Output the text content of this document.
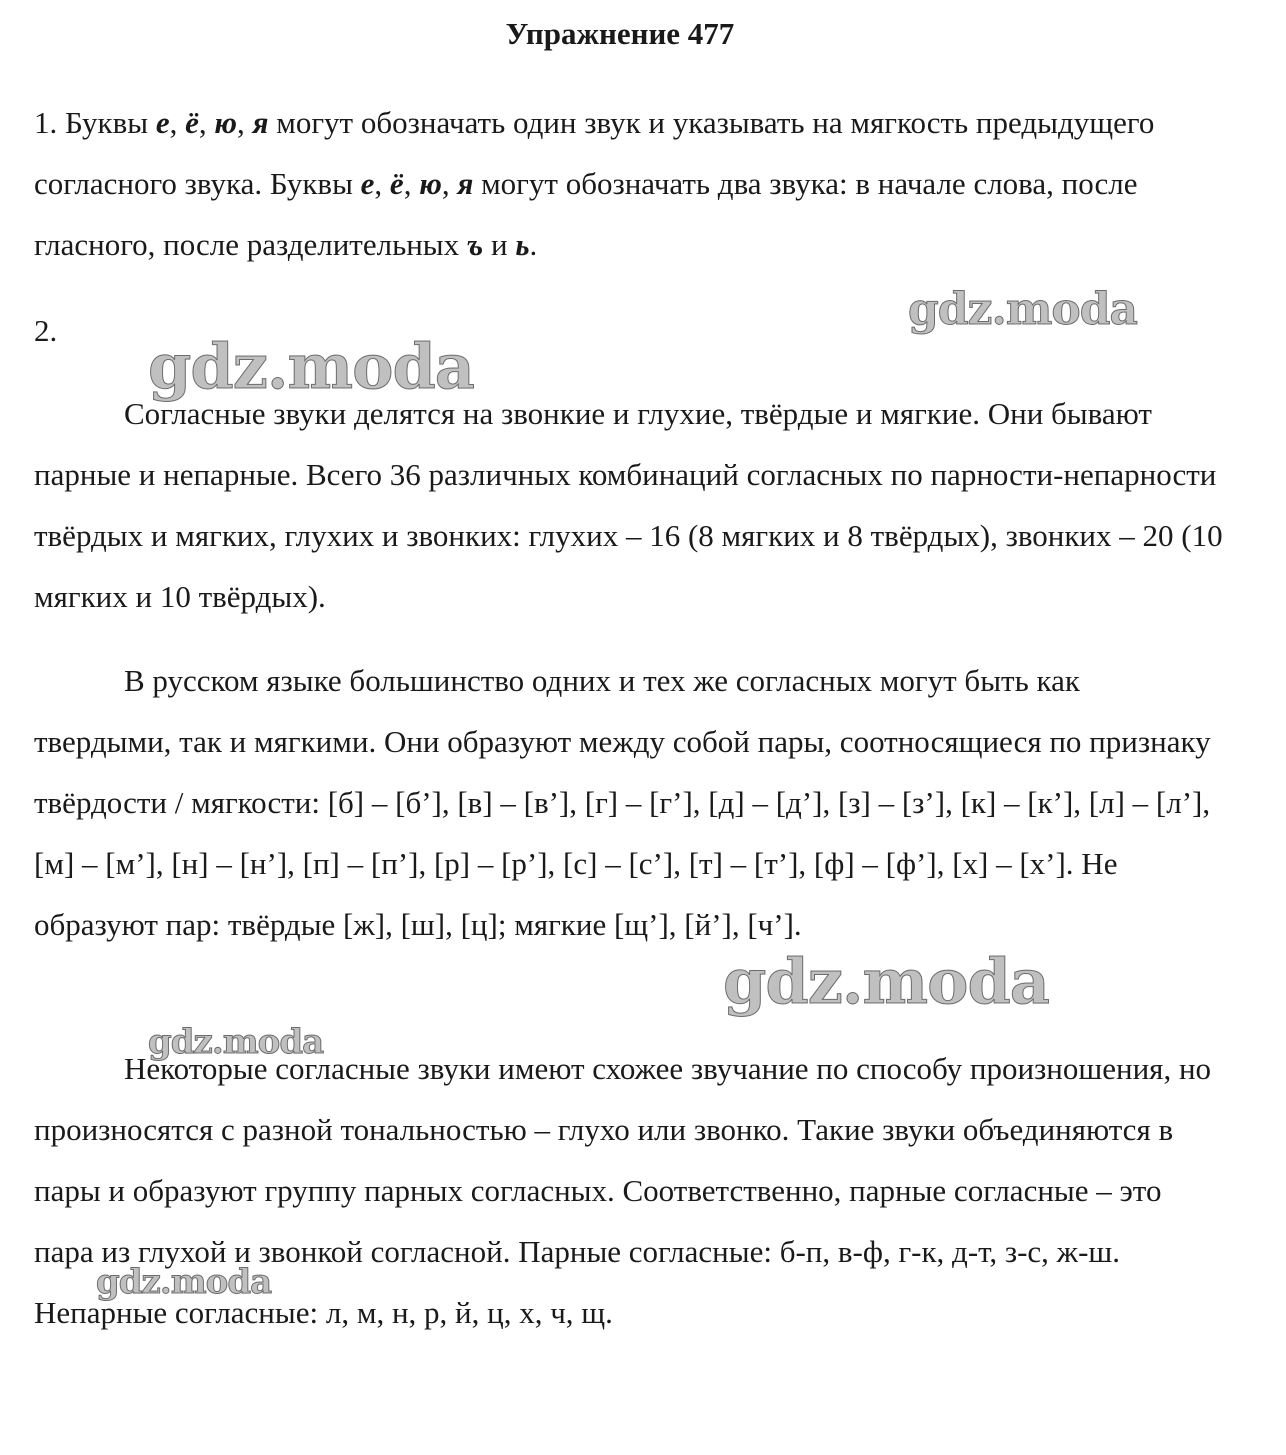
Упражнение 477

1. Буквы е, ё, ю, я могут обозначать один звук и указывать на мягкость предыдущего согласного звука. Буквы е, ё, ю, я могут обозначать два звука: в начале слова, после гласного, после разделительных ъ и ь.

2.

Согласные звуки делятся на звонкие и глухие, твёрдые и мягкие. Они бывают парные и непарные. Всего 36 различных комбинаций согласных по парности-непарности твёрдых и мягких, глухих и звонких: глухих – 16 (8 мягких и 8 твёрдых), звонких – 20 (10 мягких и 10 твёрдых).

В русском языке большинство одних и тех же согласных могут быть как твердыми, так и мягкими. Они образуют между собой пары, соотносящиеся по признаку твёрдости / мягкости: [б] – [б’], [в] – [в’], [г] – [г’], [д] – [д’], [з] – [з’], [к] – [к’], [л] – [л’], [м] – [м’], [н] – [н’], [п] – [п’], [р] – [р’], [с] – [с’], [т] – [т’], [ф] – [ф’], [х] – [х’]. Не образуют пар: твёрдые [ж], [ш], [ц]; мягкие [щ’], [й’], [ч’].

Некоторые согласные звуки имеют схожее звучание по способу произношения, но произносятся с разной тональностью – глухо или звонко. Такие звуки объединяются в пары и образуют группу парных согласных. Соответственно, парные согласные – это пара из глухой и звонкой согласной. Парные согласные: б-п, в-ф, г-к, д-т, з-с, ж-ш. Непарные согласные: л, м, н, р, й, ц, х, ч, щ.

gdz.moda
gdz.moda
gdz.moda
gdz.moda
gdz.moda
